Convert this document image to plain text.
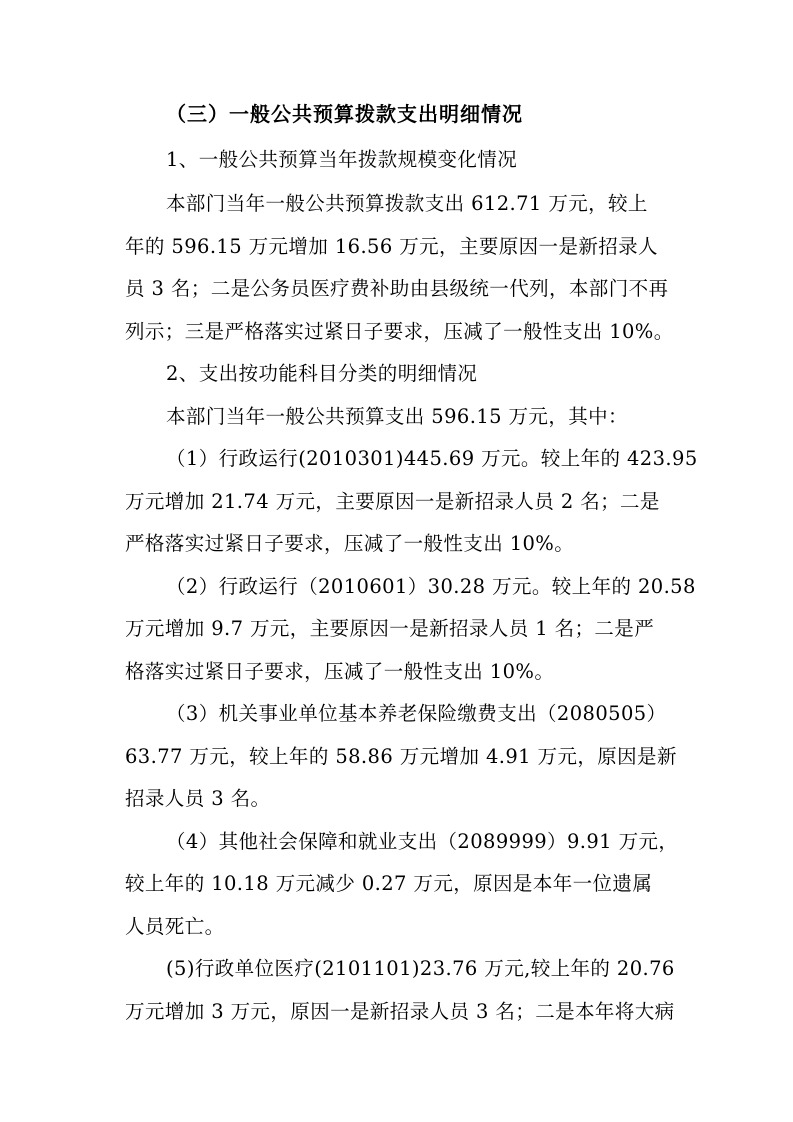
（三）一般公共预算拨款支出明细情况
1、一般公共预算当年拨款规模变化情况
本部门当年一般公共预算拨款支出 612.71 万元，较上
年的 596.15 万元增加 16.56 万元，主要原因一是新招录人
员 3 名；二是公务员医疗费补助由县级统一代列，本部门不再
列示；三是严格落实过紧日子要求，压减了一般性支出 10%。
2、支出按功能科目分类的明细情况
本部门当年一般公共预算支出 596.15 万元，其中：
（1）行政运行(2010301)445.69 万元。较上年的 423.95
万元增加 21.74 万元，主要原因一是新招录人员 2 名；二是
严格落实过紧日子要求，压减了一般性支出 10%。
（2）行政运行（2010601）30.28 万元。较上年的 20.58
万元增加 9.7 万元，主要原因一是新招录人员 1 名；二是严
格落实过紧日子要求，压减了一般性支出 10%。
（3）机关事业单位基本养老保险缴费支出（2080505）
63.77 万元，较上年的 58.86 万元增加 4.91 万元，原因是新
招录人员 3 名。
（4）其他社会保障和就业支出（2089999）9.91 万元，
较上年的 10.18 万元减少 0.27 万元，原因是本年一位遗属
人员死亡。
(5)行政单位医疗(2101101)23.76 万元,较上年的 20.76
万元增加 3 万元，原因一是新招录人员 3 名；二是本年将大病
